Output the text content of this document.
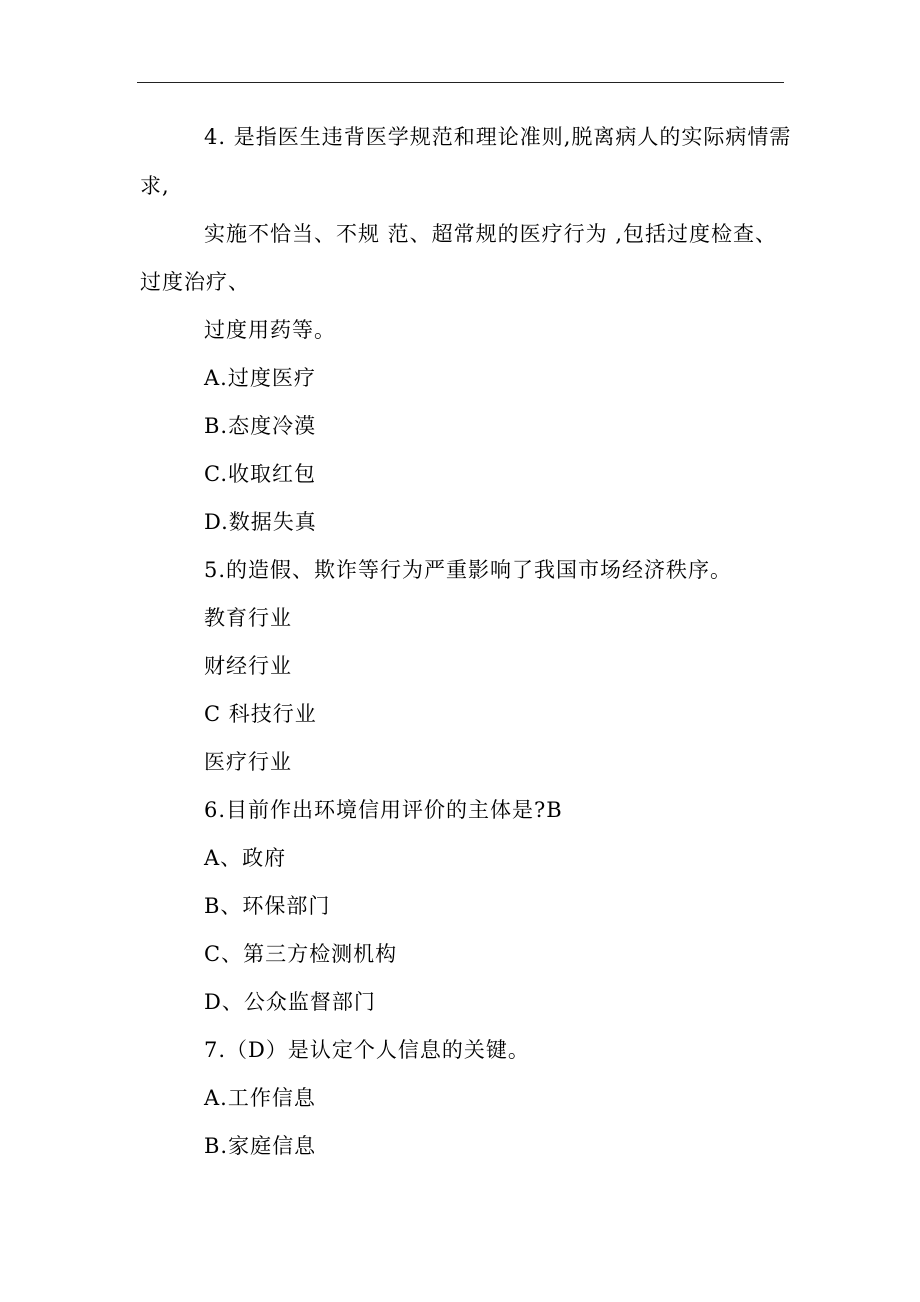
4. 是指医生违背医学规范和理论准则,脱离病人的实际病情需
求,
实施不恰当、不规 范、超常规的医疗行为 ,包括过度检查、
过度治疗、
过度用药等。
A.过度医疗
B.态度冷漠
C.收取红包
D.数据失真
5.的造假、欺诈等行为严重影响了我国市场经济秩序。
教育行业
财经行业
C 科技行业
医疗行业
6.目前作出环境信用评价的主体是?B
A、政府
B、环保部门
C、第三方检测机构
D、公众监督部门
7.（D）是认定个人信息的关键。
A.工作信息
B.家庭信息
